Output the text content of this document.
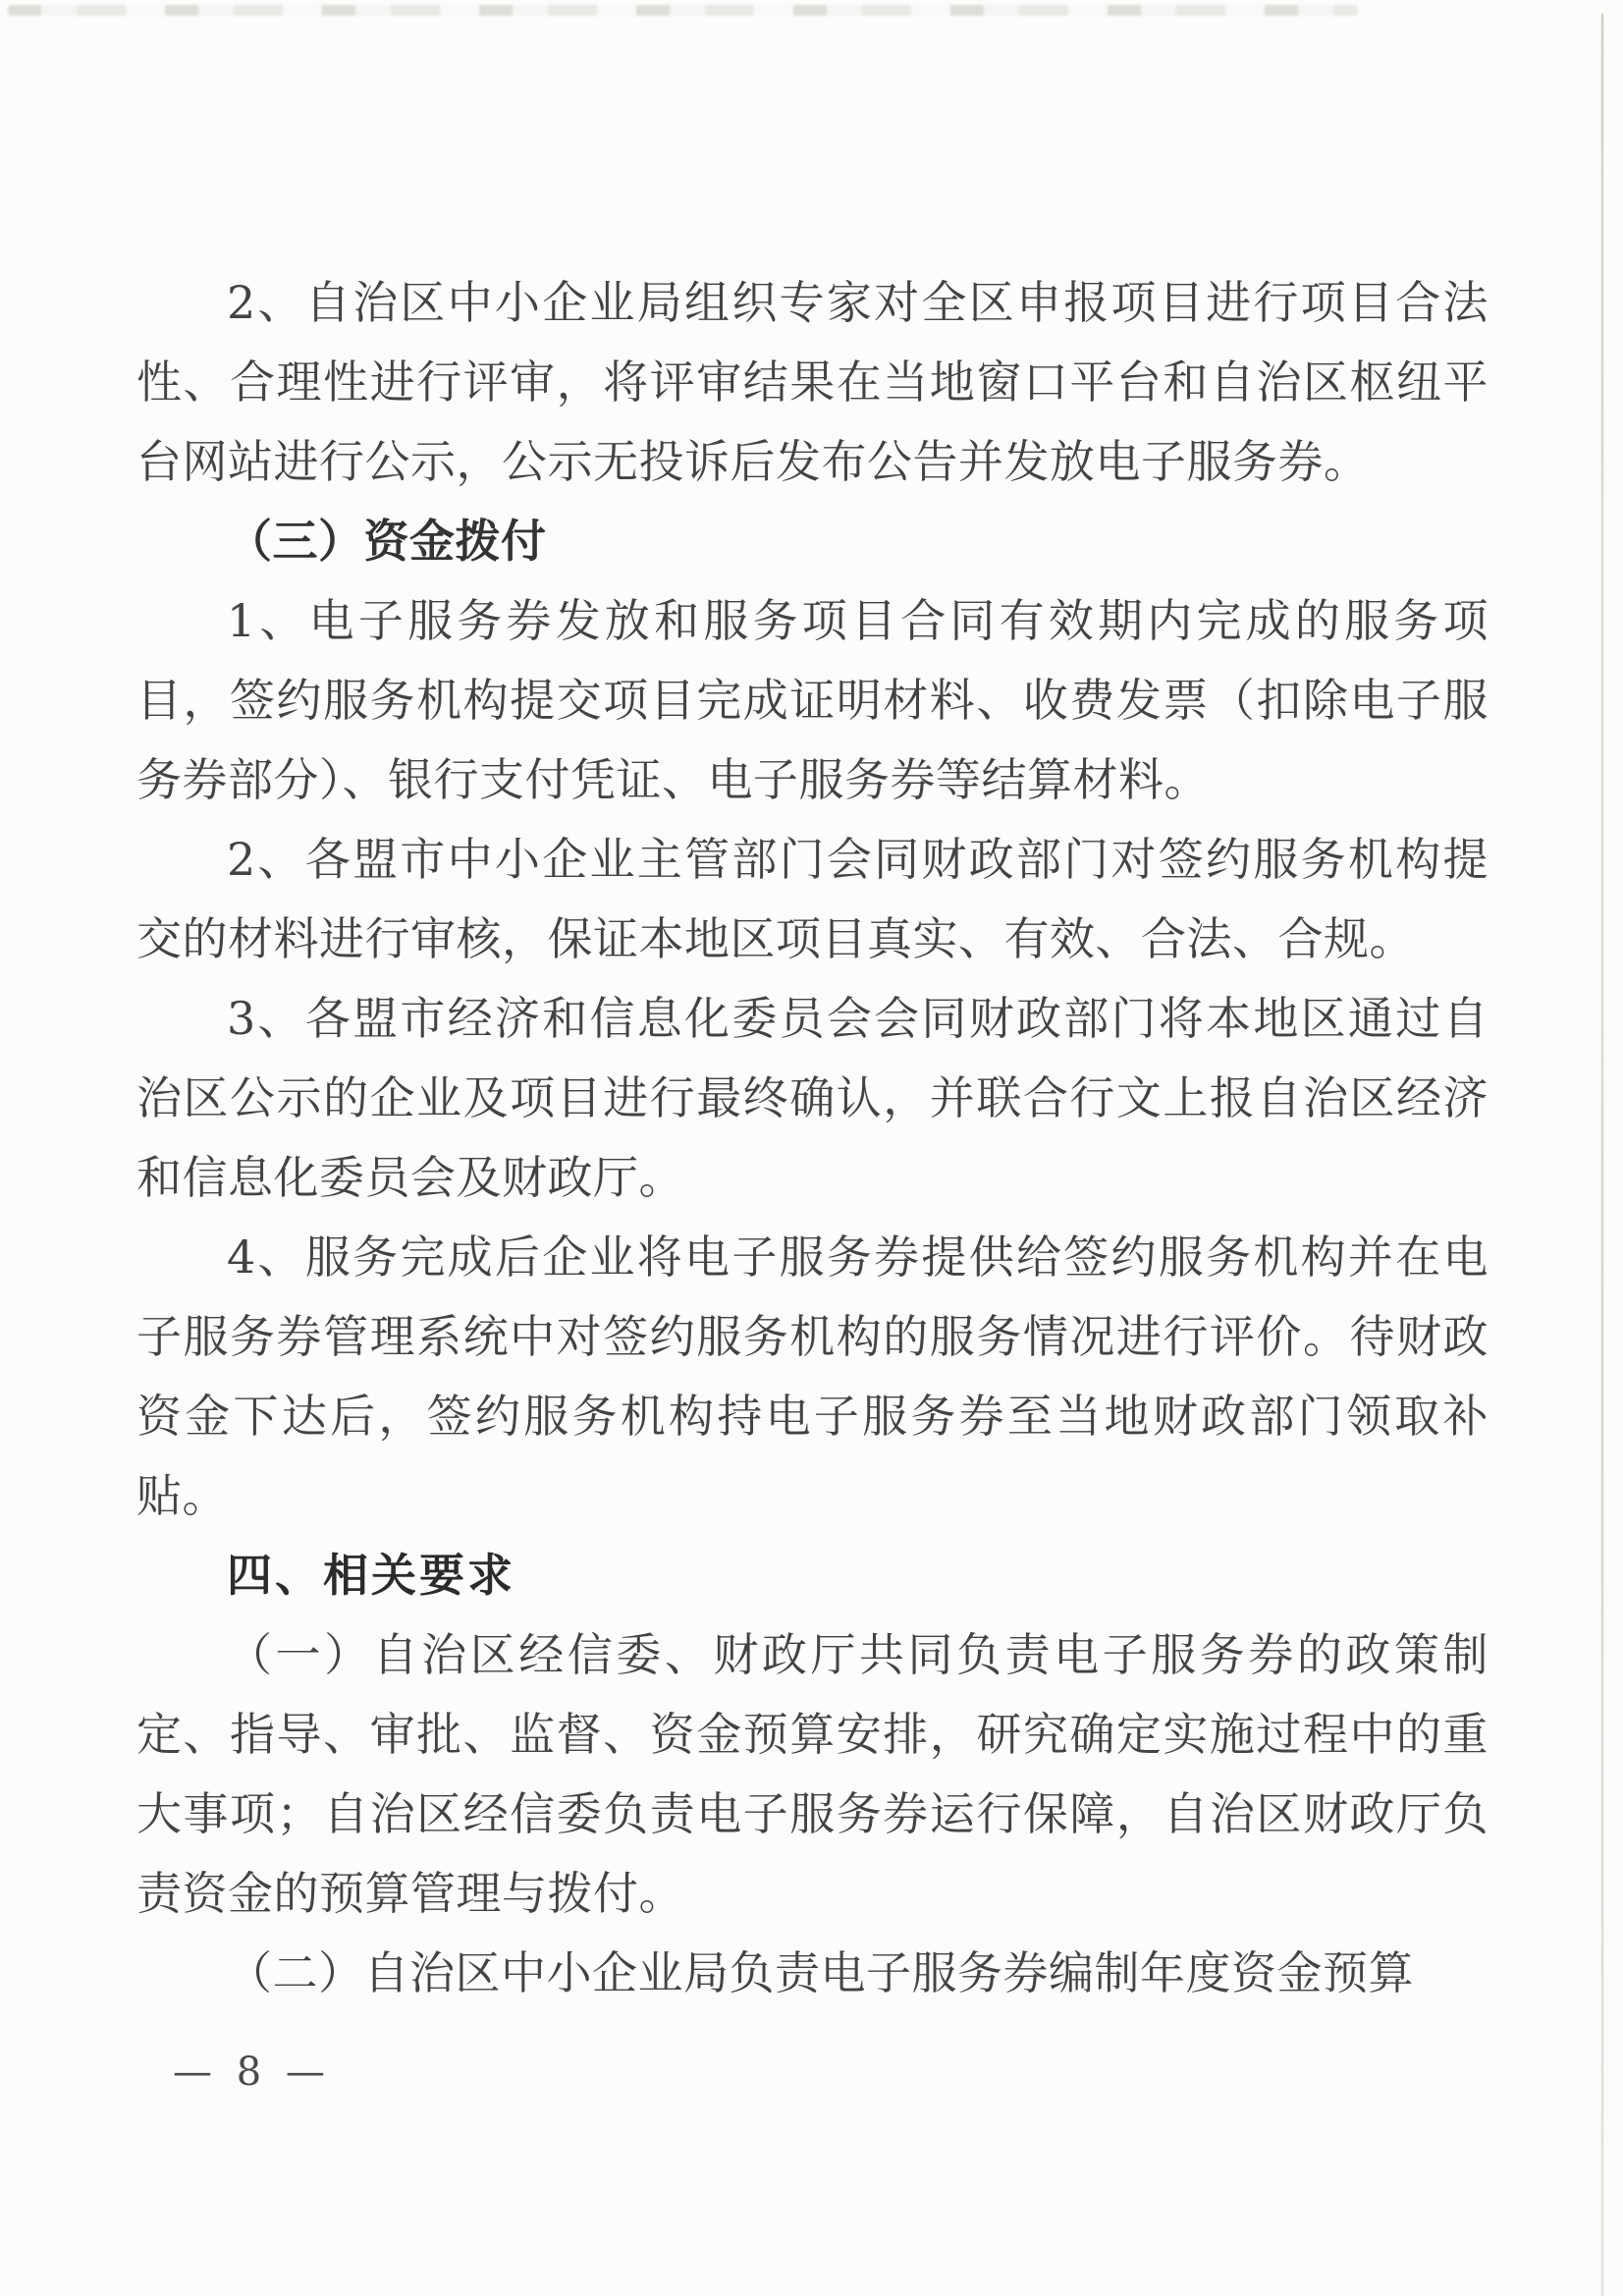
2、自治区中小企业局组织专家对全区申报项目进行项目合法性、合理性进行评审，将评审结果在当地窗口平台和自治区枢纽平台网站进行公示，公示无投诉后发布公告并发放电子服务券。

（三）资金拨付

1、电子服务券发放和服务项目合同有效期内完成的服务项目，签约服务机构提交项目完成证明材料、收费发票（扣除电子服务券部分）、银行支付凭证、电子服务券等结算材料。

2、各盟市中小企业主管部门会同财政部门对签约服务机构提交的材料进行审核，保证本地区项目真实、有效、合法、合规。

3、各盟市经济和信息化委员会会同财政部门将本地区通过自治区公示的企业及项目进行最终确认，并联合行文上报自治区经济和信息化委员会及财政厅。

4、服务完成后企业将电子服务券提供给签约服务机构并在电子服务券管理系统中对签约服务机构的服务情况进行评价。待财政资金下达后，签约服务机构持电子服务券至当地财政部门领取补贴。

四、相关要求

（一）自治区经信委、财政厅共同负责电子服务券的政策制定、指导、审批、监督、资金预算安排，研究确定实施过程中的重大事项；自治区经信委负责电子服务券运行保障，自治区财政厅负责资金的预算管理与拨付。

（二）自治区中小企业局负责电子服务券编制年度资金预算

— 8 —
